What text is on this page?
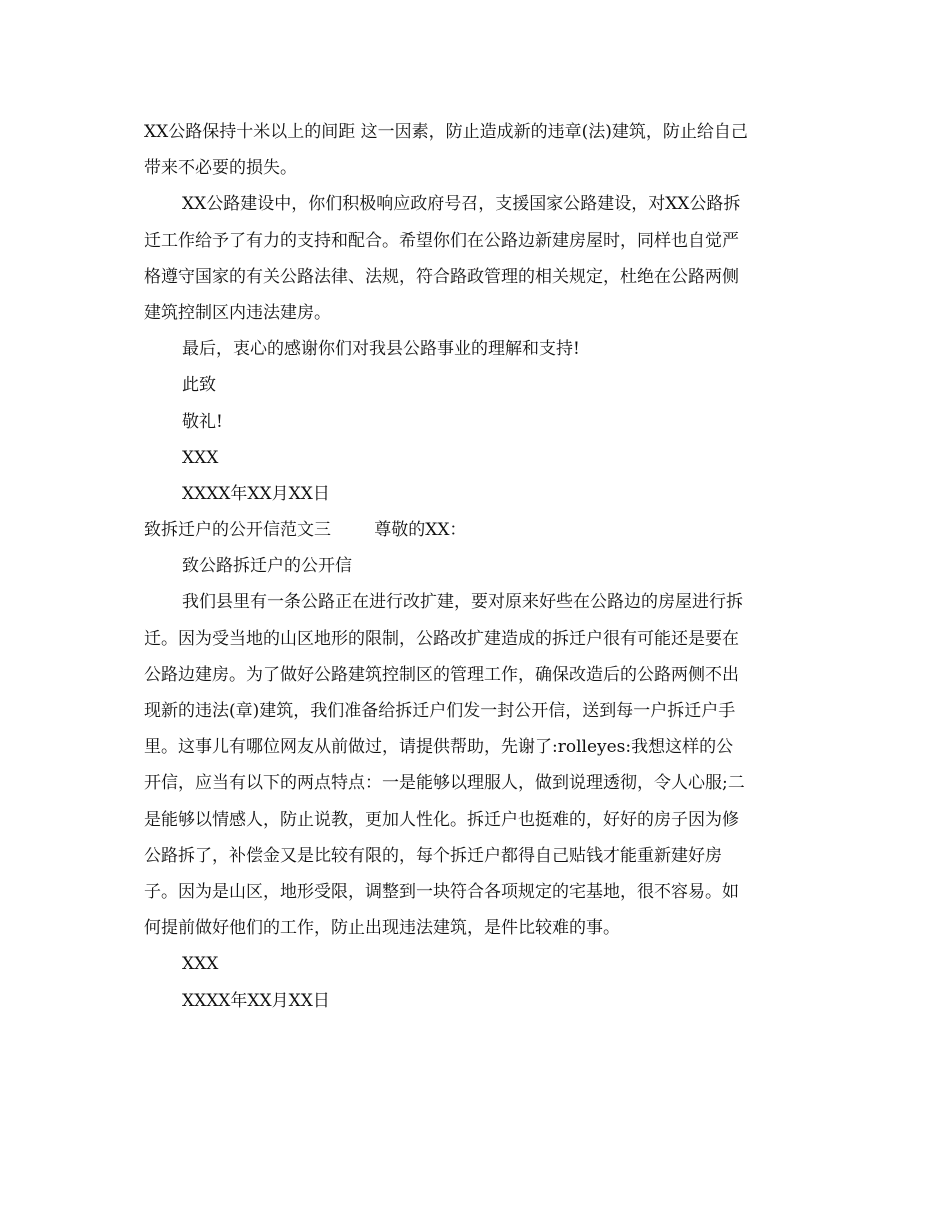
XX公路保持十米以上的间距 这一因素，防止造成新的违章(法)建筑，防止给自己
带来不必要的损失。
XX公路建设中，你们积极响应政府号召，支援国家公路建设，对XX公路拆
迁工作给予了有力的支持和配合。希望你们在公路边新建房屋时，同样也自觉严
格遵守国家的有关公路法律、法规，符合路政管理的相关规定，杜绝在公路两侧
建筑控制区内违法建房。
最后，衷心的感谢你们对我县公路事业的理解和支持!
此致
敬礼!
XXX
XXXX年XX月XX日
致拆迁户的公开信范文三        尊敬的XX：
致公路拆迁户的公开信
我们县里有一条公路正在进行改扩建，要对原来好些在公路边的房屋进行拆
迁。因为受当地的山区地形的限制，公路改扩建造成的拆迁户很有可能还是要在
公路边建房。为了做好公路建筑控制区的管理工作，确保改造后的公路两侧不出
现新的违法(章)建筑，我们准备给拆迁户们发一封公开信，送到每一户拆迁户手
里。这事儿有哪位网友从前做过，请提供帮助，先谢了:rolleyes:我想这样的公
开信，应当有以下的两点特点：一是能够以理服人，做到说理透彻，令人心服;二
是能够以情感人，防止说教，更加人性化。拆迁户也挺难的，好好的房子因为修
公路拆了，补偿金又是比较有限的，每个拆迁户都得自己贴钱才能重新建好房
子。因为是山区，地形受限，调整到一块符合各项规定的宅基地，很不容易。如
何提前做好他们的工作，防止出现违法建筑，是件比较难的事。
XXX
XXXX年XX月XX日
